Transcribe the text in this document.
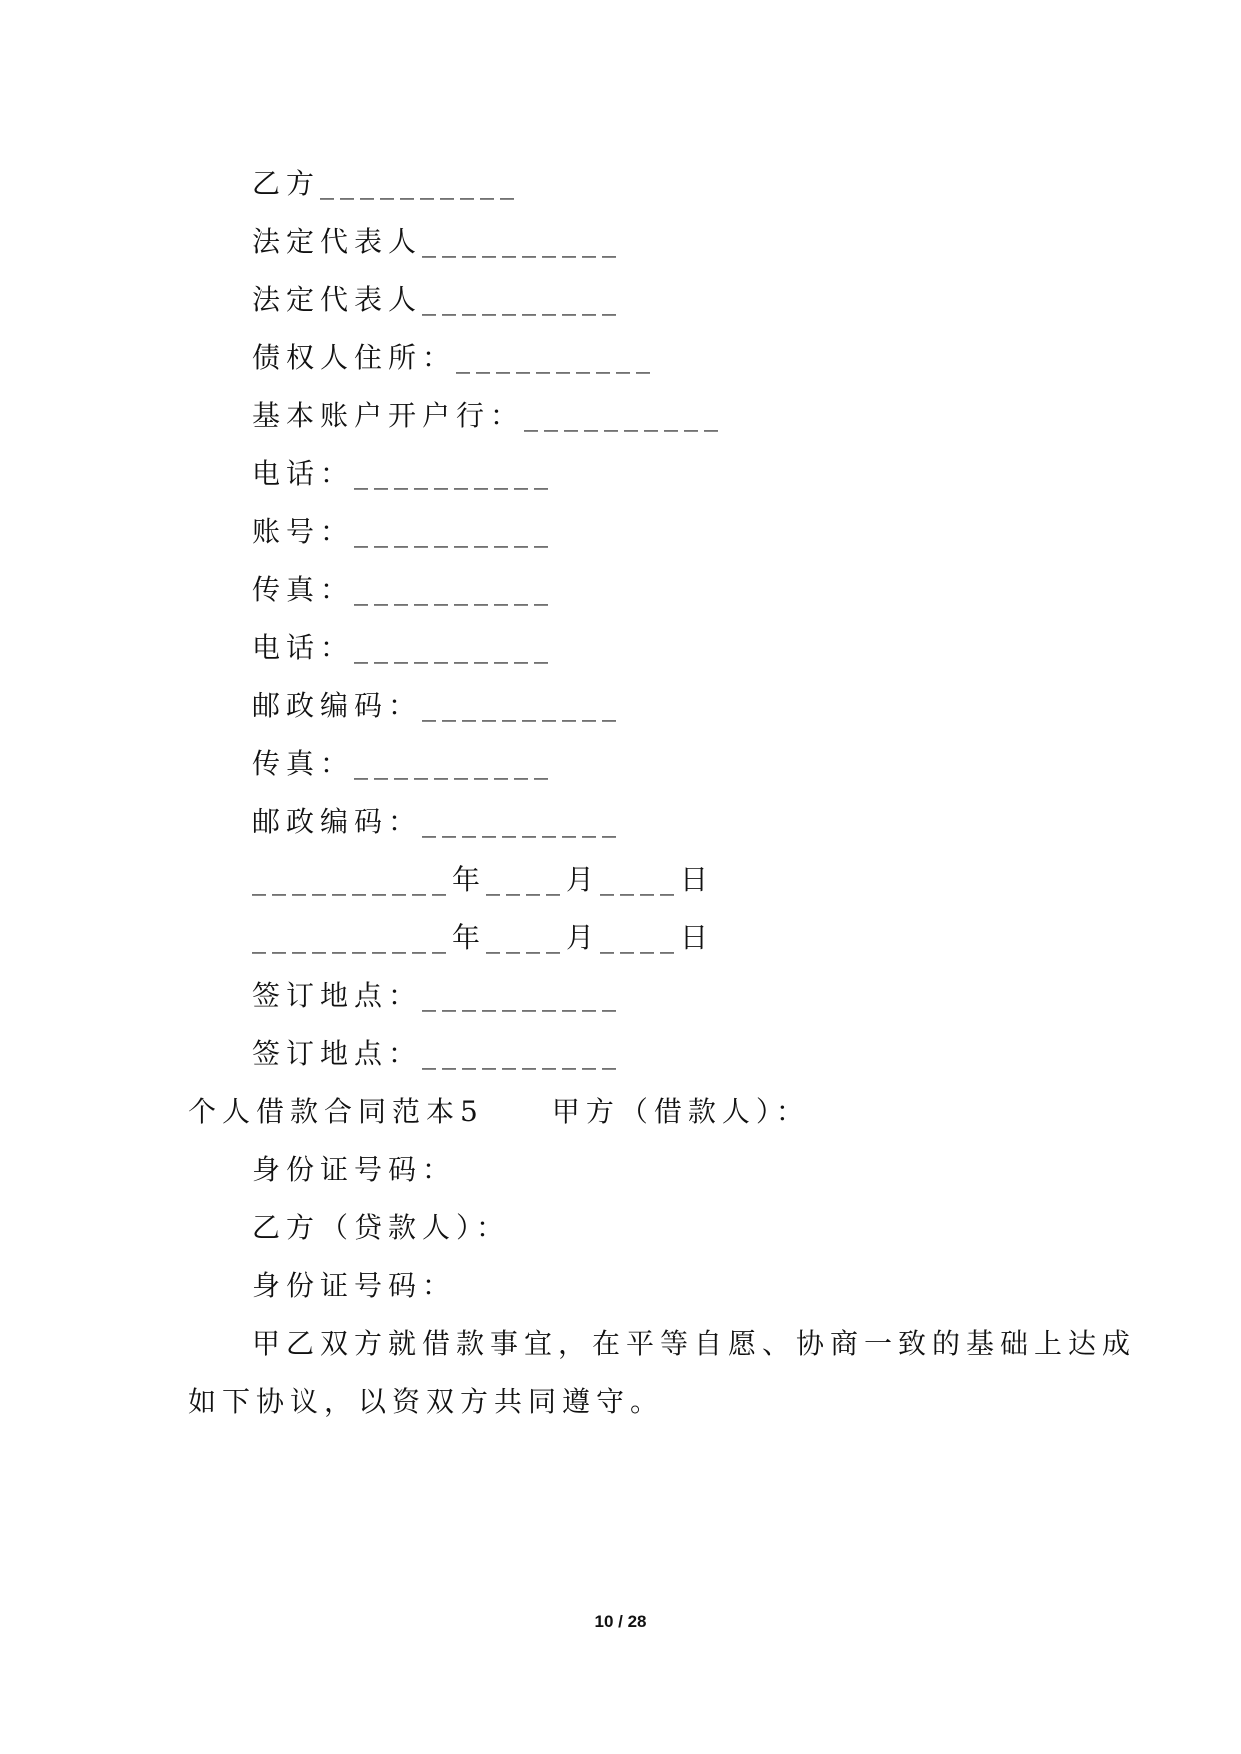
乙方__________
法定代表人__________
法定代表人__________
债权人住所：__________
基本账户开户行：__________
电话：__________
账号：__________
传真：__________
电话：__________
邮政编码：__________
传真：__________
邮政编码：__________
__________年____月____日
__________年____月____日
签订地点：__________
签订地点：__________
个人借款合同范本5　　甲方（借款人）：
身份证号码：
乙方（贷款人）：
身份证号码：
甲乙双方就借款事宜，在平等自愿、协商一致的基础上达成
如下协议，以资双方共同遵守。
10 / 28
